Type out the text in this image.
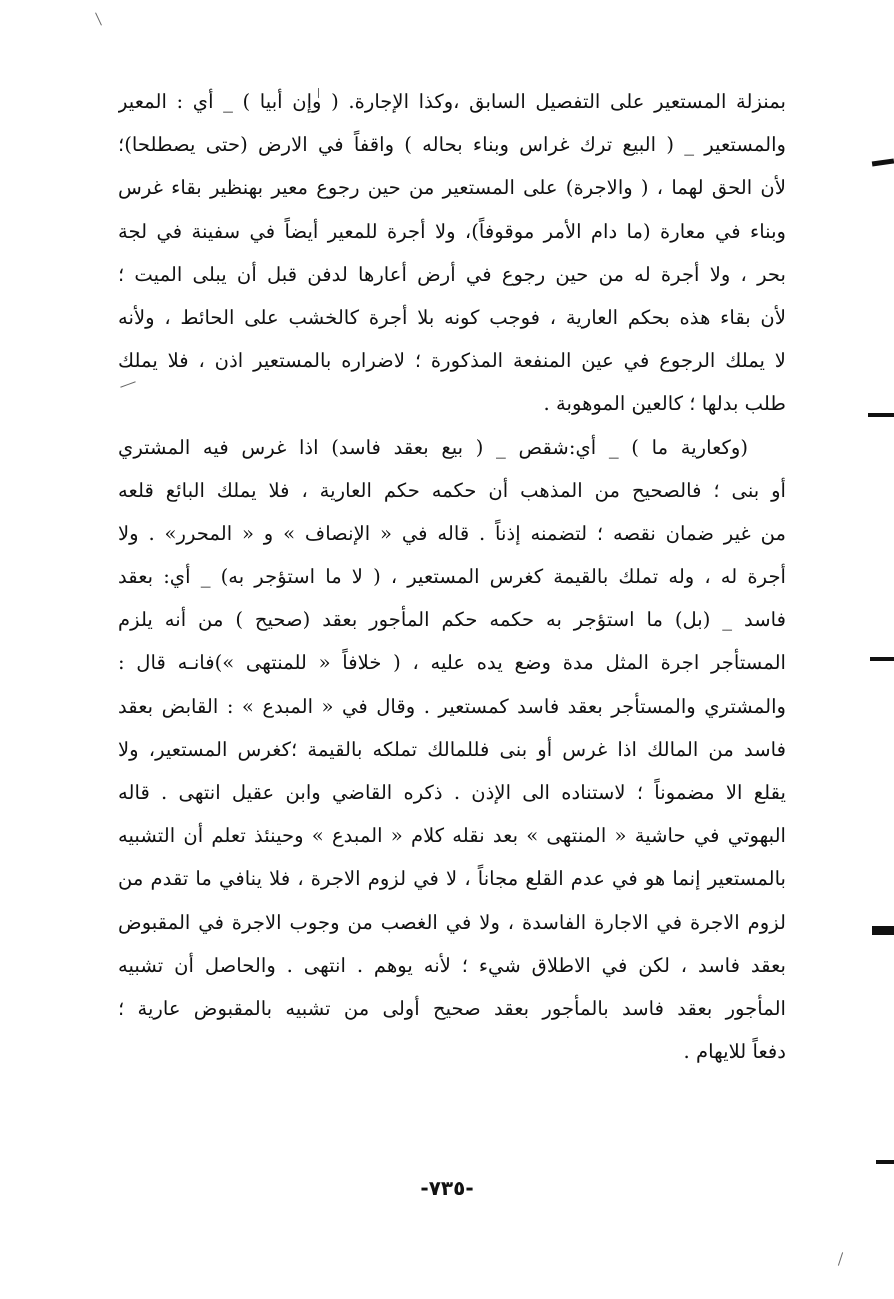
بمنزلة المستعير على التفصيل السابق ،وكذا الإجارة. ( وإن أبيا ) _ أي : المعير
والمستعير _ ( البيع ترك غراس وبناء بحاله ) واقفاً في الارض (حتى يصطلحا)؛
لأن الحق لهما ، ( والاجرة) على المستعير من حين رجوع معير بهنظير بقاء غرس
وبناء في معارة (ما دام الأمر موقوفاً)، ولا أجرة للمعير أيضاً في سفينة في لجة
بحر ، ولا أجرة له من حين رجوع في أرض أعارها لدفن قبل أن يبلى الميت ؛
لأن بقاء هذه بحكم العارية ، فوجب كونه بلا أجرة كالخشب على الحائط ، ولأنه
لا يملك الرجوع في عين المنفعة المذكورة ؛ لاضراره بالمستعير اذن ، فلا يملك
طلب بدلها ؛ كالعين الموهوبة .
(وكعارية ما ) _ أي:شقص _ ( بيع بعقد فاسد) اذا غرس فيه المشتري
أو بنى ؛ فالصحيح من المذهب أن حكمه حكم العارية ، فلا يملك البائع قلعه
من غير ضمان نقصه ؛ لتضمنه إذناً . قاله في « الإنصاف » و « المحرر» . ولا
أجرة له ، وله تملك بالقيمة كغرس المستعير ، ( لا ما استؤجر به) _ أي: بعقد
فاسد _ (بل) ما استؤجر به حكمه حكم المأجور بعقد (صحيح ) من أنه يلزم
المستأجر اجرة المثل مدة وضع يده عليه ، ( خلافاً « للمنتهى »)فانـه قال :
والمشتري والمستأجر بعقد فاسد كمستعير . وقال في « المبدع » : القابض بعقد
فاسد من المالك اذا غرس أو بنى فللمالك تملكه بالقيمة ؛كغرس المستعير، ولا
يقلع الا مضموناً ؛ لاستناده الى الإذن . ذكره القاضي وابن عقيل انتهى . قاله
البهوتي في حاشية « المنتهى » بعد نقله كلام « المبدع » وحينئذ تعلم أن التشبيه
بالمستعير إنما هو في عدم القلع مجاناً ، لا في لزوم الاجرة ، فلا ينافي ما تقدم من
لزوم الاجرة في الاجارة الفاسدة ، ولا في الغصب من وجوب الاجرة في المقبوض
بعقد فاسد ، لكن في الاطلاق شيء ؛ لأنه يوهم . انتهى . والحاصل أن تشبيه
المأجور بعقد فاسد بالمأجور بعقد صحيح أولى من تشبيه بالمقبوض عارية ؛
دفعاً للايهام .
-٧٣٥-
